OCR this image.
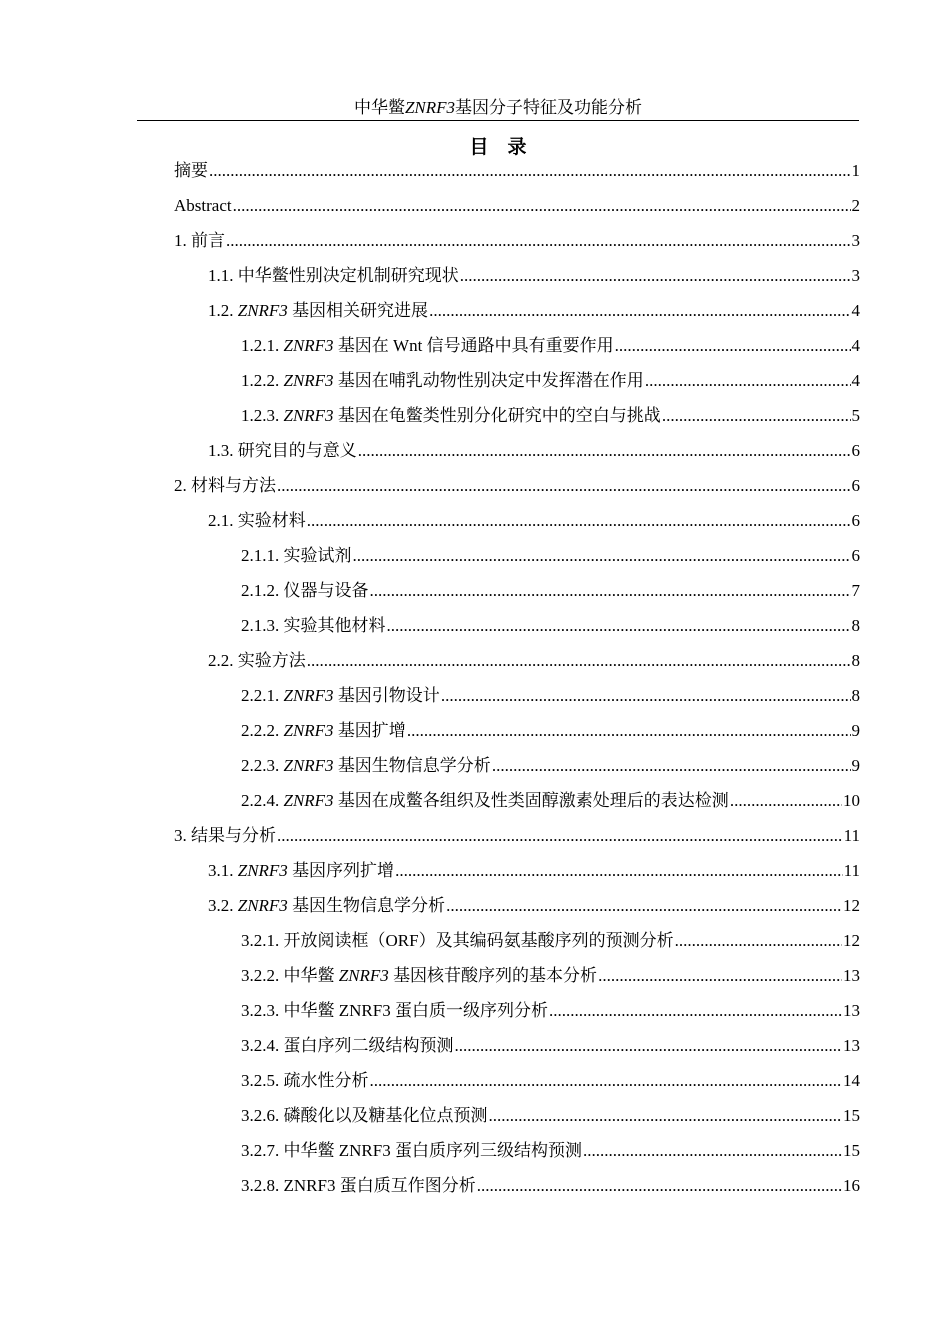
中华鳖ZNRF3基因分子特征及功能分析
目    录
摘要 .....	1
Abstract .....	2
1. 前言 .....	3
1.1. 中华鳖性别决定机制研究现状 .....	3
1.2. ZNRF3 基因相关研究进展 .....	4
1.2.1. ZNRF3 基因在 Wnt 信号通路中具有重要作用 .....	4
1.2.2. ZNRF3 基因在哺乳动物性别决定中发挥潜在作用 .....	4
1.2.3. ZNRF3 基因在龟鳖类性别分化研究中的空白与挑战 .....	5
1.3. 研究目的与意义 .....	6
2. 材料与方法 .....	6
2.1. 实验材料 .....	6
2.1.1. 实验试剂 .....	6
2.1.2. 仪器与设备 .....	7
2.1.3. 实验其他材料 .....	8
2.2. 实验方法 .....	8
2.2.1. ZNRF3 基因引物设计 .....	8
2.2.2. ZNRF3 基因扩增 .....	9
2.2.3. ZNRF3 基因生物信息学分析 .....	9
2.2.4. ZNRF3 基因在成鳖各组织及性类固醇激素处理后的表达检测 .....	10
3. 结果与分析 .....	11
3.1. ZNRF3 基因序列扩增 .....	11
3.2. ZNRF3 基因生物信息学分析 .....	12
3.2.1. 开放阅读框（ORF）及其编码氨基酸序列的预测分析 .....	12
3.2.2. 中华鳖 ZNRF3 基因核苷酸序列的基本分析 .....	13
3.2.3. 中华鳖 ZNRF3 蛋白质一级序列分析 .....	13
3.2.4. 蛋白序列二级结构预测 .....	13
3.2.5. 疏水性分析 .....	14
3.2.6. 磷酸化以及糖基化位点预测 .....	15
3.2.7. 中华鳖 ZNRF3 蛋白质序列三级结构预测 .....	15
3.2.8. ZNRF3 蛋白质互作图分析 .....	16
